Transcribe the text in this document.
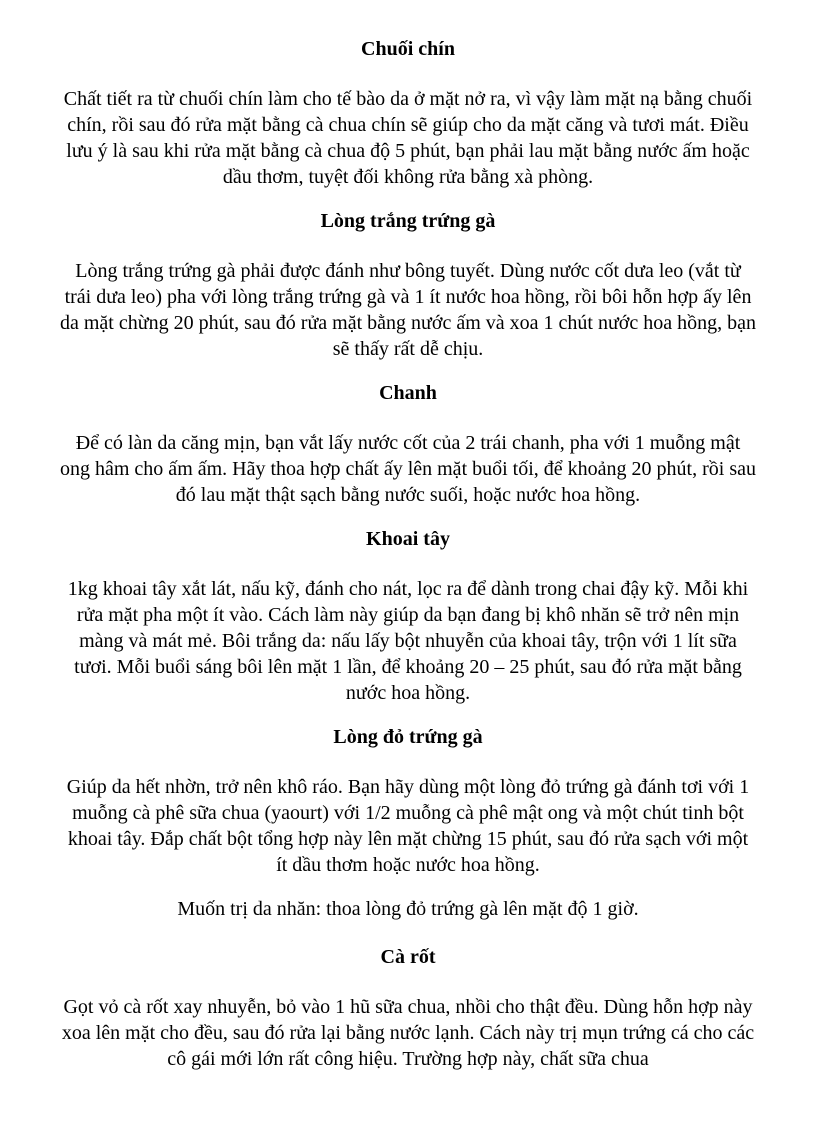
Chuối chín

Chất tiết ra từ chuối chín làm cho tế bào da ở mặt nở ra, vì vậy làm mặt nạ bằng chuối chín, rồi sau đó rửa mặt bằng cà chua chín sẽ giúp cho da mặt căng và tươi mát. Điều lưu ý là sau khi rửa mặt bằng cà chua độ 5 phút, bạn phải lau mặt bằng nước ấm hoặc dầu thơm, tuyệt đối không rửa bằng xà phòng.

Lòng trắng trứng gà

Lòng trắng trứng gà phải được đánh như bông tuyết. Dùng nước cốt dưa leo (vắt từ trái dưa leo) pha với lòng trắng trứng gà và 1 ít nước hoa hồng, rồi bôi hỗn hợp ấy lên da mặt chừng 20 phút, sau đó rửa mặt bằng nước ấm và xoa 1 chút nước hoa hồng, bạn sẽ thấy rất dễ chịu.

Chanh

Để có làn da căng mịn, bạn vắt lấy nước cốt của 2 trái chanh, pha với 1 muỗng mật ong hâm cho ấm ấm. Hãy thoa hợp chất ấy lên mặt buổi tối, để khoảng 20 phút, rồi sau đó lau mặt thật sạch bằng nước suối, hoặc nước hoa hồng.

Khoai tây

1kg khoai tây xắt lát, nấu kỹ, đánh cho nát, lọc ra để dành trong chai đậy kỹ. Mỗi khi rửa mặt pha một ít vào. Cách làm này giúp da bạn đang bị khô nhăn sẽ trở nên mịn màng và mát mẻ. Bôi trắng da: nấu lấy bột nhuyễn của khoai tây, trộn với 1 lít sữa tươi. Mỗi buổi sáng bôi lên mặt 1 lần, để khoảng 20 – 25 phút, sau đó rửa mặt bằng nước hoa hồng.

Lòng đỏ trứng gà

Giúp da hết nhờn, trở nên khô ráo. Bạn hãy dùng một lòng đỏ trứng gà đánh tơi với 1 muỗng cà phê sữa chua (yaourt) với 1/2 muỗng cà phê mật ong và một chút tinh bột khoai tây. Đắp chất bột tổng hợp này lên mặt chừng 15 phút, sau đó rửa sạch với một ít dầu thơm hoặc nước hoa hồng.

Muốn trị da nhăn: thoa lòng đỏ trứng gà lên mặt độ 1 giờ.

Cà rốt

Gọt vỏ cà rốt xay nhuyễn, bỏ vào 1 hũ sữa chua, nhồi cho thật đều. Dùng hỗn hợp này xoa lên mặt cho đều, sau đó rửa lại bằng nước lạnh. Cách này trị mụn trứng cá cho các cô gái mới lớn rất công hiệu. Trường hợp này, chất sữa chua
